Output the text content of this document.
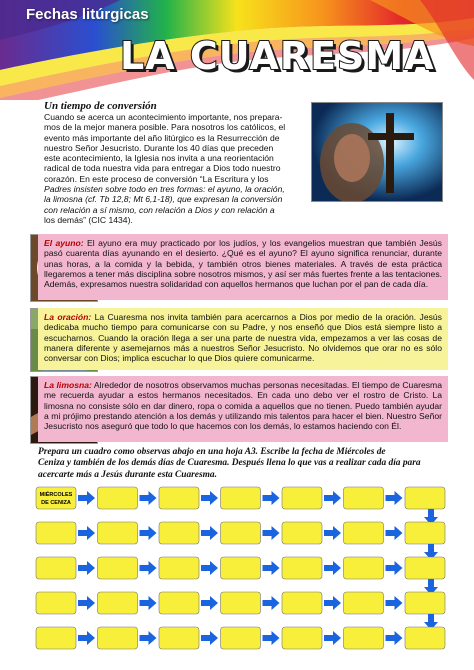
Fechas litúrgicas
LA CUARESMA
Un tiempo de conversión
Cuando se acerca un acontecimiento importante, nos prepara-
mos de la mejor manera posible. Para nosotros los católicos, el
evento más importante del año litúrgico es la Resurrección de
nuestro Señor Jesucristo. Durante los 40 días que preceden
este acontecimiento, la Iglesia nos invita a una reorientación
radical de toda nuestra vida para entregar a Dios todo nuestro
corazón. En este proceso de conversión “La Escritura y los
Padres insisten sobre todo en tres formas: el ayuno, la oración,
la limosna (cf. Tb 12,8; Mt 6,1-18), que expresan la conversión
con relación a sí mismo, con relación a Dios y con relación a
los demás” (CIC 1434).
El ayuno: El ayuno era muy practicado por los judíos, y los evangelios muestran que también Jesús pasó cuarenta días ayunando en el desierto. ¿Qué es el ayuno? El ayuno significa renunciar, durante unas horas, a la comida y la bebida, y también otros bienes materiales. A través de esta práctica llegaremos a tener más disciplina sobre nosotros mismos, y así ser más fuertes frente a las tentaciones. Además, expresamos nuestra solidaridad con aquellos hermanos que luchan por el pan de cada día.
La oración: La Cuaresma nos invita también para acercarnos a Dios por medio de la oración. Jesús dedicaba mucho tiempo para comunicarse con su Padre, y nos enseñó que Dios está siempre listo a escucharnos. Cuando la oración llega a ser una parte de nuestra vida, empezamos a ver las cosas de manera diferente y asemejarnos más a nuestros Señor Jesucristo. No olvidemos que orar no es sólo conversar con Dios; implica escuchar lo que Dios quiere comunicarme.
La limosna: Alrededor de nosotros observamos muchas personas necesitadas. El tiempo de Cuaresma me recuerda ayudar a estos hermanos necesitados. En cada uno debo ver el rostro de Cristo. La limosna no consiste sólo en dar dinero, ropa o comida a aquellos que no tienen. Puedo también ayudar a mi prójimo prestando atención a los demás y utilizando mis talentos para hacer el bien. Nuestro Señor Jesucristo nos aseguró que todo lo que hacemos con los demás, lo estamos haciendo con Él.
Prepara un cuadro como observas abajo en una hoja A3. Escribe la fecha de Miércoles de
Ceniza y también de los demás días de Cuaresma. Después llena lo que vas a realizar cada día para
acercarte más a Jesús durante esta Cuaresma.
MIÉRCOLES
DE CENIZA
